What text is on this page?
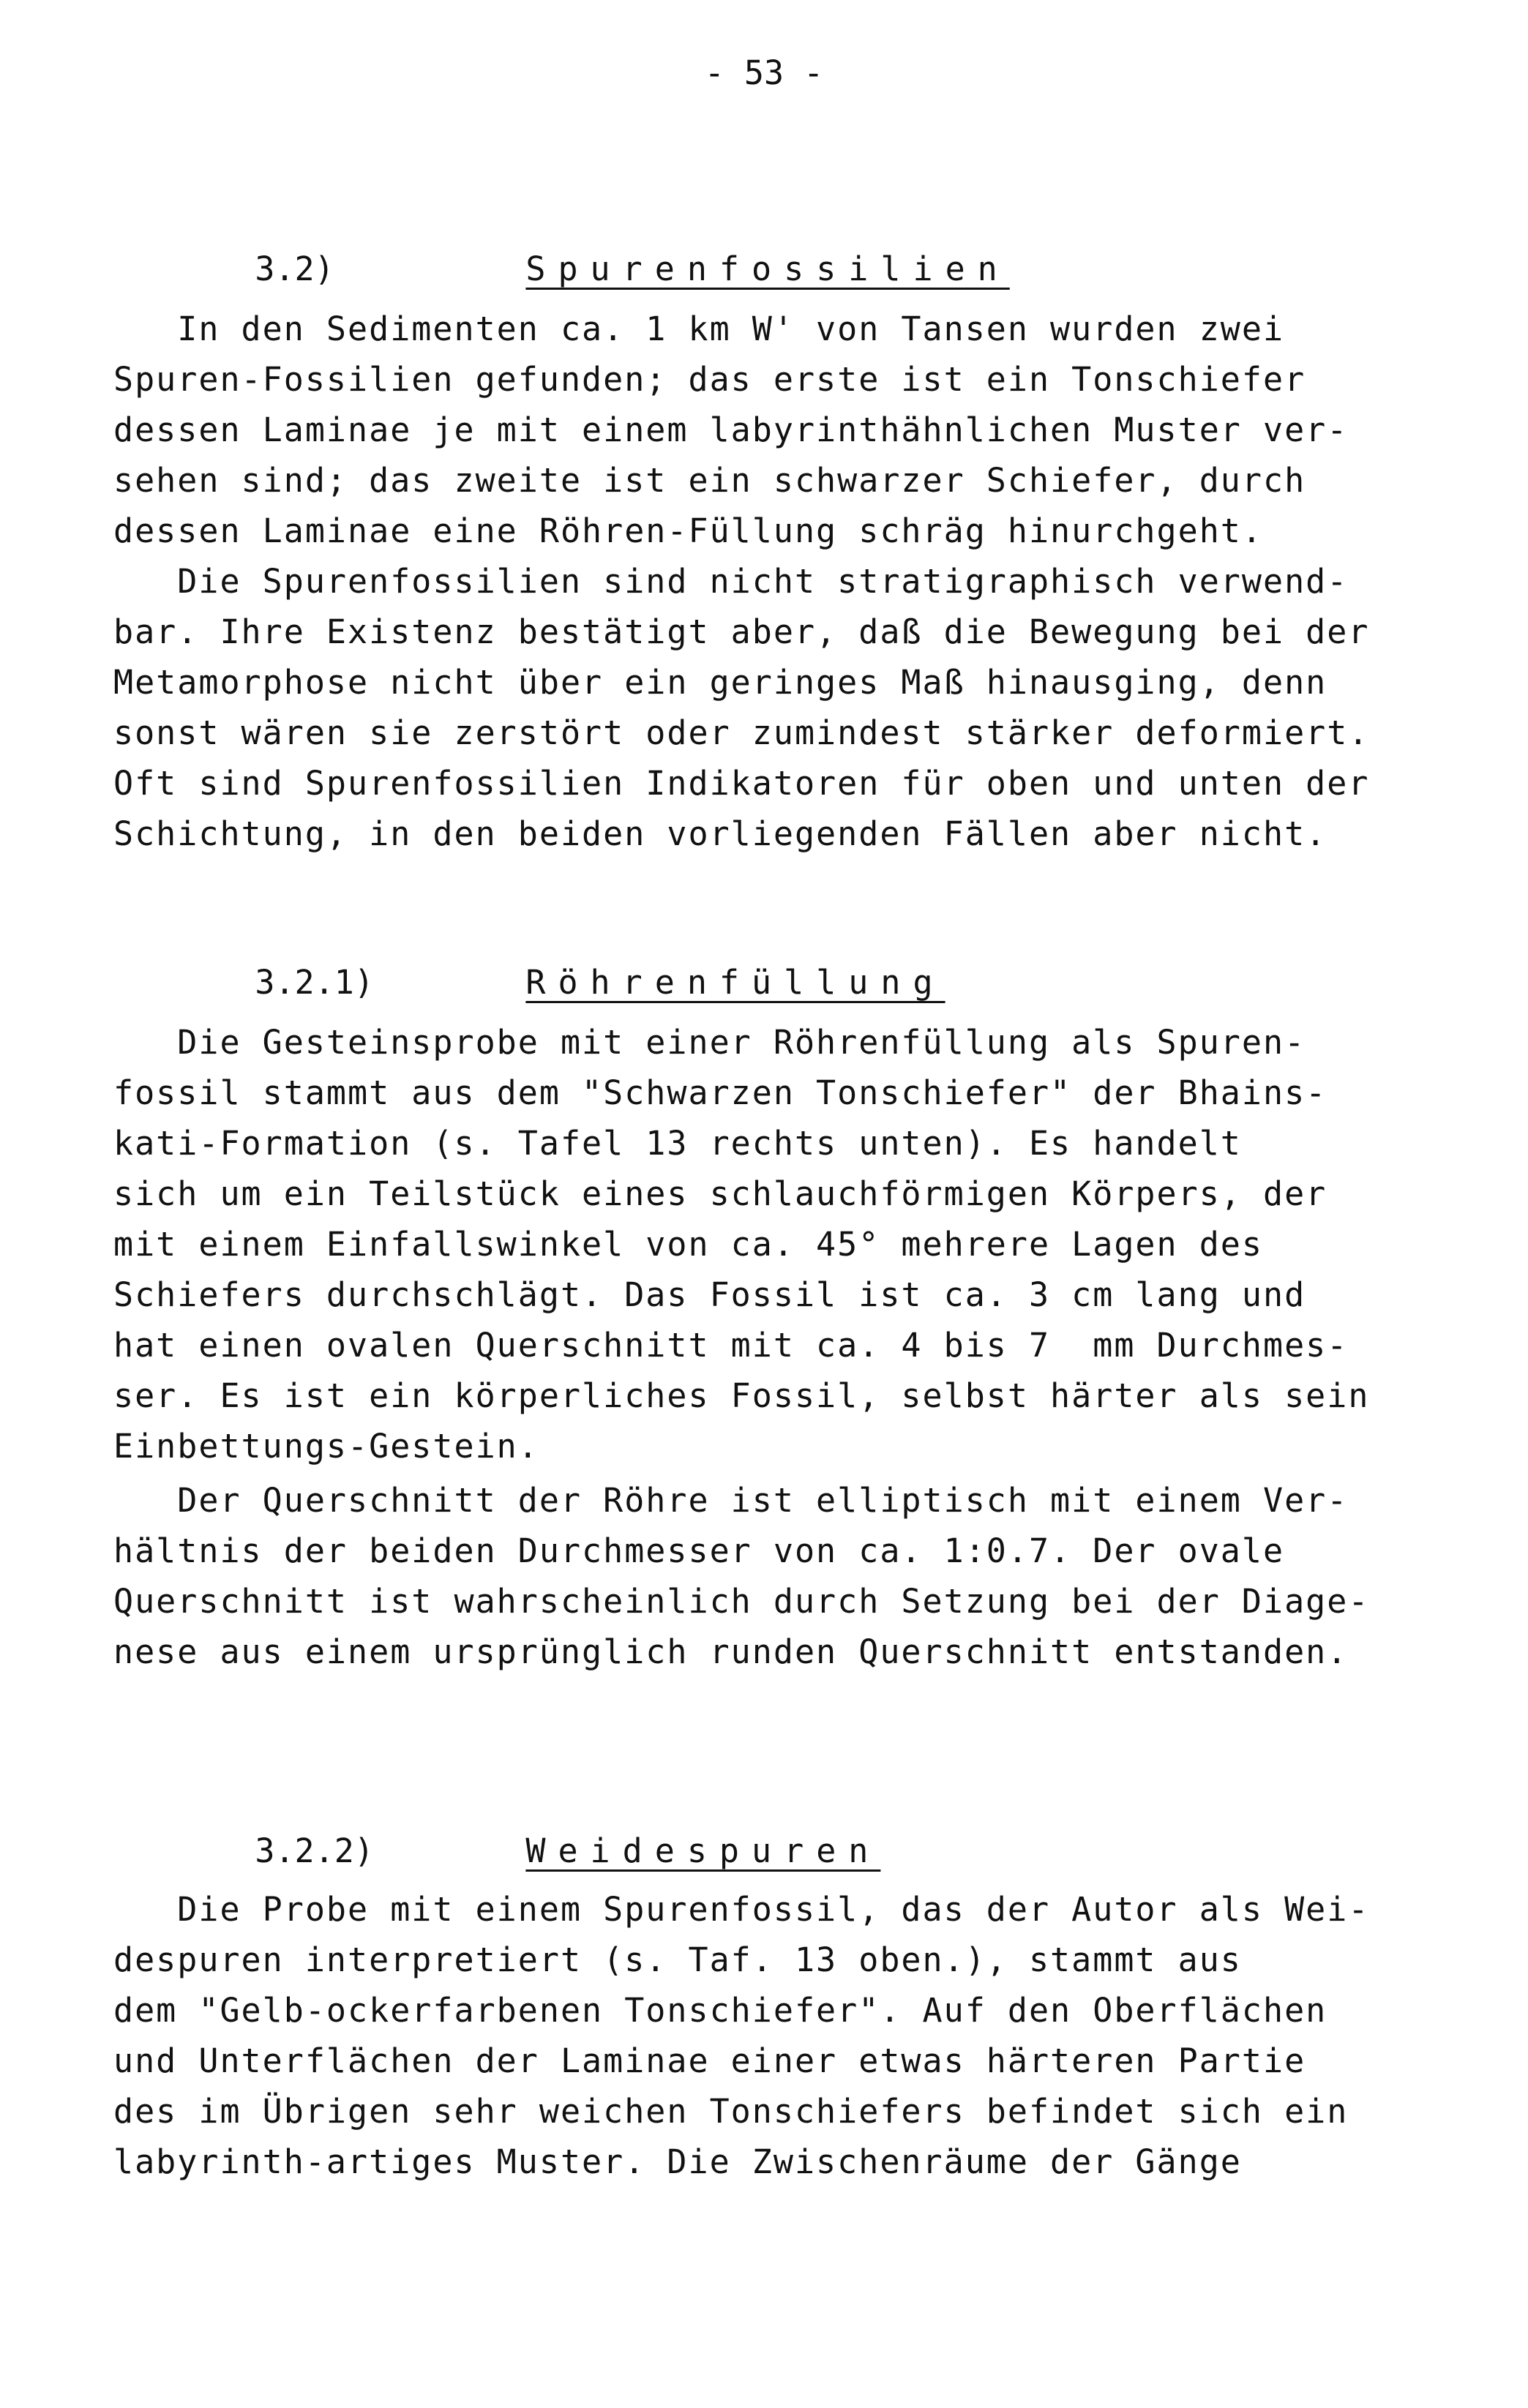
- 53 -

3.2)	Spurenfossilien

In den Sedimenten ca. 1 km W' von Tansen wurden zwei
Spuren-Fossilien gefunden; das erste ist ein Tonschiefer
dessen Laminae je mit einem labyrinthähnlichen Muster ver-
sehen sind; das zweite ist ein schwarzer Schiefer, durch
dessen Laminae eine Röhren-Füllung schräg hinurchgeht.
Die Spurenfossilien sind nicht stratigraphisch verwend-
bar. Ihre Existenz bestätigt aber, daß die Bewegung bei der
Metamorphose nicht über ein geringes Maß hinausging, denn
sonst wären sie zerstört oder zumindest stärker deformiert.
Oft sind Spurenfossilien Indikatoren für oben und unten der
Schichtung, in den beiden vorliegenden Fällen aber nicht.

3.2.1)	Röhrenfüllung

Die Gesteinsprobe mit einer Röhrenfüllung als Spuren-
fossil stammt aus dem "Schwarzen Tonschiefer" der Bhains-
kati-Formation (s. Tafel 13 rechts unten). Es handelt
sich um ein Teilstück eines schlauchförmigen Körpers, der
mit einem Einfallswinkel von ca. 45° mehrere Lagen des
Schiefers durchschlägt. Das Fossil ist ca. 3 cm lang und
hat einen ovalen Querschnitt mit ca. 4 bis 7  mm Durchmes-
ser. Es ist ein körperliches Fossil, selbst härter als sein
Einbettungs-Gestein.
Der Querschnitt der Röhre ist elliptisch mit einem Ver-
hältnis der beiden Durchmesser von ca. 1:0.7. Der ovale
Querschnitt ist wahrscheinlich durch Setzung bei der Diage-
nese aus einem ursprünglich runden Querschnitt entstanden.

3.2.2)	Weidespuren

Die Probe mit einem Spurenfossil, das der Autor als Wei-
despuren interpretiert (s. Taf. 13 oben.), stammt aus
dem "Gelb-ockerfarbenen Tonschiefer". Auf den Oberflächen
und Unterflächen der Laminae einer etwas härteren Partie
des im Übrigen sehr weichen Tonschiefers befindet sich ein
labyrinth-artiges Muster. Die Zwischenräume der Gänge
